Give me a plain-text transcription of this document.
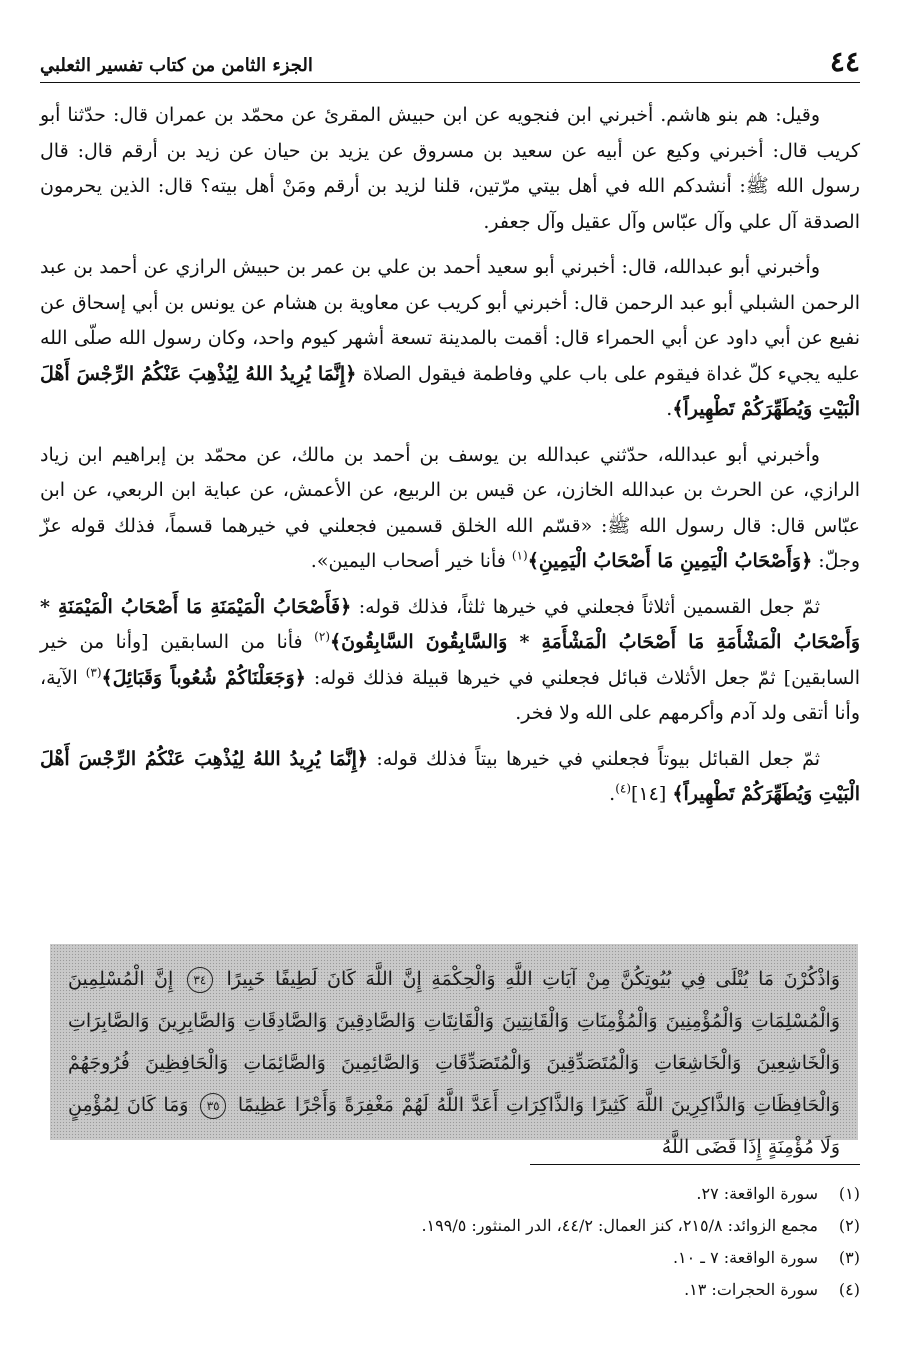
٤٤
الجزء الثامن من كتاب تفسير الثعلبي

وقيل: هم بنو هاشم. أخبرني ابن فنجويه عن ابن حبيش المقرئ عن محمّد بن عمران قال: حدّثنا أبو كريب قال: أخبرني وكيع عن أبيه عن سعيد بن مسروق عن يزيد بن حيان عن زيد بن أرقم قال: قال رسول الله ﷺ: أنشدكم الله في أهل بيتي مرّتين، قلنا لزيد بن أرقم ومَنْ أهل بيته؟ قال: الذين يحرمون الصدقة آل علي وآل عبّاس وآل عقيل وآل جعفر.

وأخبرني أبو عبدالله، قال: أخبرني أبو سعيد أحمد بن علي بن عمر بن حبيش الرازي عن أحمد بن عبد الرحمن الشبلي أبو عبد الرحمن قال: أخبرني أبو كريب عن معاوية بن هشام عن يونس بن أبي إسحاق عن نفيع عن أبي داود عن أبي الحمراء قال: أقمت بالمدينة تسعة أشهر كيوم واحد، وكان رسول الله صلّى الله عليه يجيء كلّ غداة فيقوم على باب علي وفاطمة فيقول الصلاة ﴿إِنَّمَا يُرِيدُ اللهُ لِيُذْهِبَ عَنْكُمُ الرِّجْسَ أَهْلَ الْبَيْتِ وَيُطَهِّرَكُمْ تَطْهِيراً﴾.

وأخبرني أبو عبدالله، حدّثني عبدالله بن يوسف بن أحمد بن مالك، عن محمّد بن إبراهيم ابن زياد الرازي، عن الحرث بن عبدالله الخازن، عن قيس بن الربيع، عن الأعمش، عن عباية ابن الربعي، عن ابن عبّاس قال: قال رسول الله ﷺ: «قسّم الله الخلق قسمين فجعلني في خيرهما قسماً، فذلك قوله عزّ وجلّ: ﴿وَأَصْحَابُ الْيَمِينِ مَا أَصْحَابُ الْيَمِينِ﴾$^{(١)}$ فأنا خير أصحاب اليمين».

ثمّ جعل القسمين أثلاثاً فجعلني في خيرها ثلثاً، فذلك قوله: ﴿فَأَصْحَابُ الْمَيْمَنَةِ مَا أَصْحَابُ الْمَيْمَنَةِ * وَأَصْحَابُ الْمَشْأَمَةِ مَا أَصْحَابُ الْمَشْأَمَةِ * وَالسَّابِقُونَ السَّابِقُونَ﴾$^{(٢)}$ فأنا من السابقين [وأنا من خير السابقين] ثمّ جعل الأثلاث قبائل فجعلني في خيرها قبيلة فذلك قوله: ﴿وَجَعَلْنَاكُمْ شُعُوباً وَقَبَائِلَ﴾$^{(٣)}$ الآية، وأنا أتقى ولد آدم وأكرمهم على الله ولا فخر.

ثمّ جعل القبائل بيوتاً فجعلني في خيرها بيتاً فذلك قوله: ﴿إِنَّمَا يُرِيدُ اللهُ لِيُذْهِبَ عَنْكُمُ الرِّجْسَ أَهْلَ الْبَيْتِ وَيُطَهِّرَكُمْ تَطْهِيراً﴾ [١٤]$^{(٤)}$.

وَاذْكُرْنَ مَا يُتْلَى فِي بُيُوتِكُنَّ مِنْ آيَاتِ اللَّهِ وَالْحِكْمَةِ إِنَّ اللَّهَ كَانَ لَطِيفًا خَبِيرًا ٣٤ إِنَّ الْمُسْلِمِينَ وَالْمُسْلِمَاتِ وَالْمُؤْمِنِينَ وَالْمُؤْمِنَاتِ وَالْقَانِتِينَ وَالْقَانِتَاتِ وَالصَّادِقِينَ وَالصَّادِقَاتِ وَالصَّابِرِينَ وَالصَّابِرَاتِ وَالْخَاشِعِينَ وَالْخَاشِعَاتِ وَالْمُتَصَدِّقِينَ وَالْمُتَصَدِّقَاتِ وَالصَّائِمِينَ وَالصَّائِمَاتِ وَالْحَافِظِينَ فُرُوجَهُمْ وَالْحَافِظَاتِ وَالذَّاكِرِينَ اللَّهَ كَثِيرًا وَالذَّاكِرَاتِ أَعَدَّ اللَّهُ لَهُمْ مَغْفِرَةً وَأَجْرًا عَظِيمًا ٣٥ وَمَا كَانَ لِمُؤْمِنٍ وَلَا مُؤْمِنَةٍ إِذَا قَضَى اللَّهُ
(١)
سورة الواقعة: ٢٧.
(٢)
مجمع الزوائد: ٢١٥/٨، كنز العمال: ٤٤/٢، الدر المنثور: ١٩٩/٥.
(٣)
سورة الواقعة: ٧ ـ ١٠.
(٤)
سورة الحجرات: ١٣.
